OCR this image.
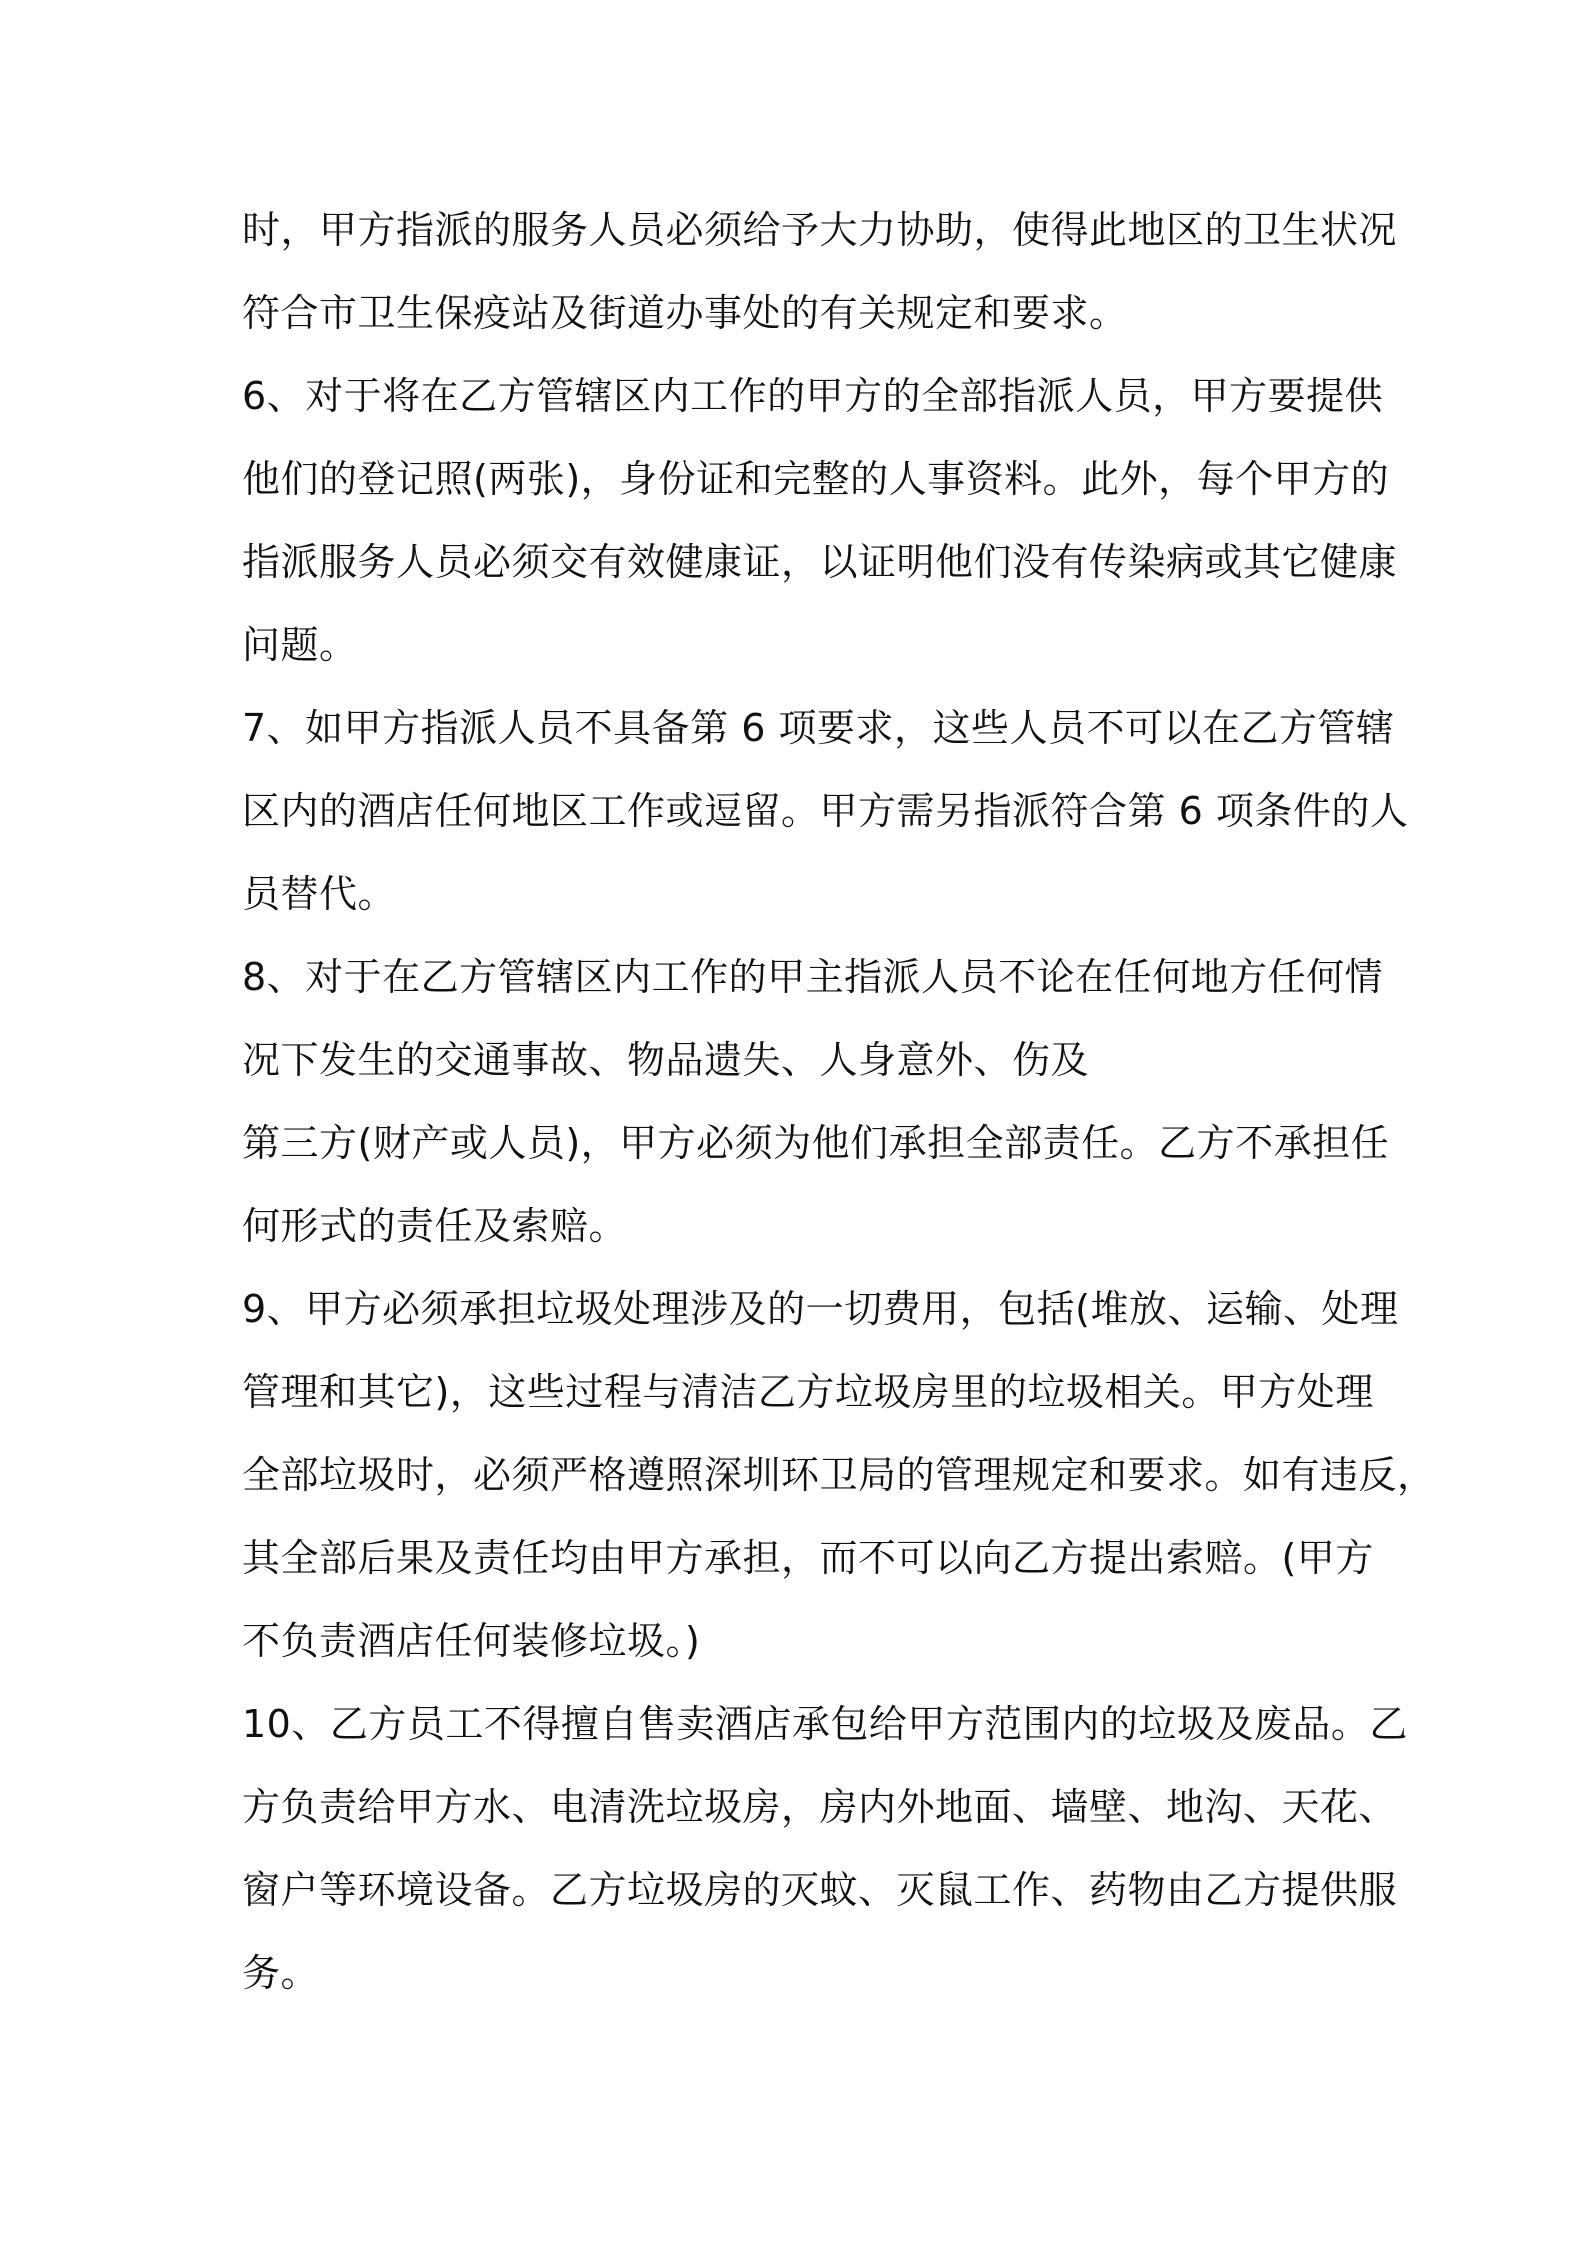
时，甲方指派的服务人员必须给予大力协助，使得此地区的卫生状况
符合市卫生保疫站及街道办事处的有关规定和要求。
6、对于将在乙方管辖区内工作的甲方的全部指派人员，甲方要提供
他们的登记照(两张)，身份证和完整的人事资料。此外，每个甲方的
指派服务人员必须交有效健康证，以证明他们没有传染病或其它健康
问题。
7、如甲方指派人员不具备第 6 项要求，这些人员不可以在乙方管辖
区内的酒店任何地区工作或逗留。甲方需另指派符合第 6 项条件的人
员替代。
8、对于在乙方管辖区内工作的甲主指派人员不论在任何地方任何情
况下发生的交通事故、物品遗失、人身意外、伤及
第三方(财产或人员)，甲方必须为他们承担全部责任。乙方不承担任
何形式的责任及索赔。
9、甲方必须承担垃圾处理涉及的一切费用，包括(堆放、运输、处理
管理和其它)，这些过程与清洁乙方垃圾房里的垃圾相关。甲方处理
全部垃圾时，必须严格遵照深圳环卫局的管理规定和要求。如有违反，
其全部后果及责任均由甲方承担，而不可以向乙方提出索赔。(甲方
不负责酒店任何装修垃圾。)
10、乙方员工不得擅自售卖酒店承包给甲方范围内的垃圾及废品。乙
方负责给甲方水、电清洗垃圾房，房内外地面、墙壁、地沟、天花、
窗户等环境设备。乙方垃圾房的灭蚊、灭鼠工作、药物由乙方提供服
务。
